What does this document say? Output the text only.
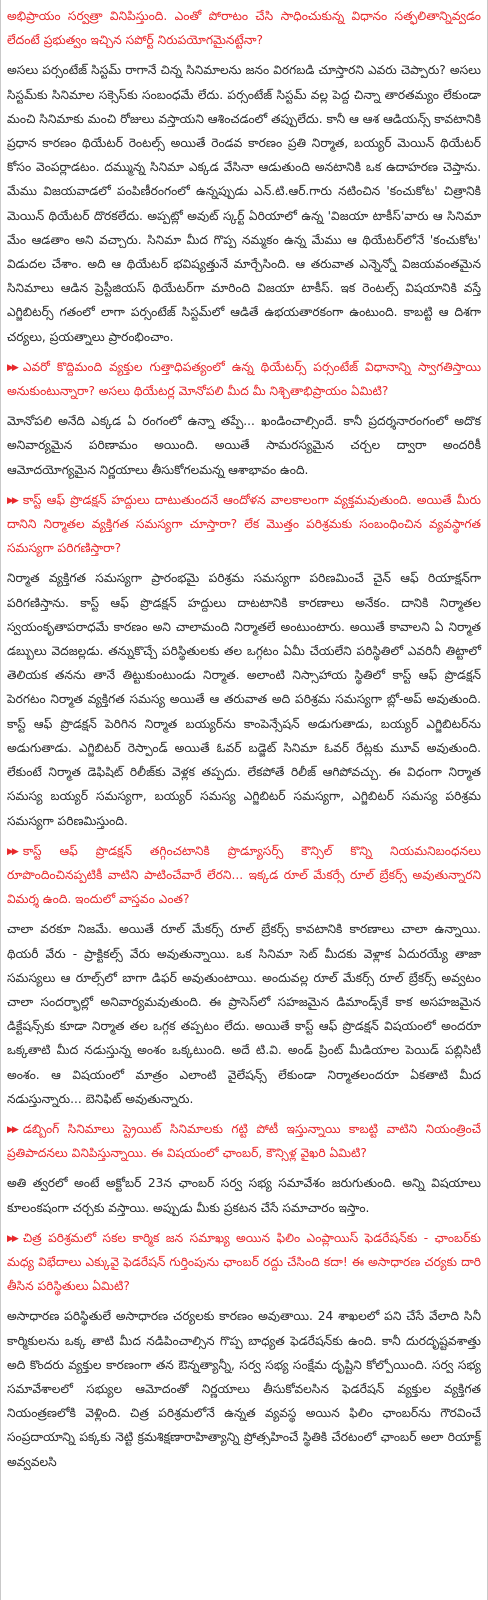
అభిప్రాయం సర్వత్రా వినిపిస్తుంది. ఎంతో పోరాటం చేసి సాధించుకున్న విధానం సత్ఫలితాన్నివ్వడం లేదంటే ప్రభుత్వం ఇచ్చిన సపోర్ట్ నిరుపయోగమైనట్టేనా?
అసలు పర్సంటేజ్ సిస్టమ్ రాగానే చిన్న సినిమాలను జనం విరగబడి చూస్తారని ఎవరు చెప్పారు? అసలు సిస్టమ్‌కు సినిమాల సక్సెస్‌కు సంబంధమే లేదు. పర్సంటేజ్ సిస్టమ్ వల్ల పెద్ద చిన్నా తారతమ్యం లేకుండా మంచి సినిమాకు మంచి రోజులు వస్తాయని ఆశించడంలో తప్పులేదు. కానీ ఆ ఆశ ఆడియన్స్ కావటానికి ప్రధాన కారణం థియేటర్ రెంటల్స్ అయితే రెండవ కారణం ప్రతి నిర్మాత, బయ్యర్ మెయిన్ థియేటర్ కోసం వెంపర్లాడటం. దమ్మున్న సినిమా ఎక్కడ వేసినా ఆడుతుంది అనటానికి ఒక ఉదాహరణ చెప్తాను. మేము విజయవాడలో పంపిణీరంగంలో ఉన్నప్పుడు ఎన్.టి.ఆర్.గారు నటించిన 'కంచుకోట' చిత్రానికి మెయిన్ థియేటర్ దొరకలేదు. అప్పట్లో అవుట్ స్కర్ట్ ఏరియాలో ఉన్న 'విజయా టాకీస్'వారు ఆ సినిమా మేం ఆడతాం అని వచ్చారు. సినిమా మీద గొప్ప నమ్మకం ఉన్న మేము ఆ థియేటర్‌లోనే 'కంచుకోట' విడుదల చేశాం. అది ఆ థియేటర్ భవిష్యత్తునే మార్చేసింది. ఆ తరువాత ఎన్నెన్నో విజయవంతమైన సినిమాలు ఆడిన ప్రెస్టీజియస్ థియేటర్‌గా మారింది విజయా టాకీస్. ఇక రెంటల్స్ విషయానికి వస్తే ఎగ్జిబిటర్స్ గతంలో లాగా పర్సంటేజ్ సిస్టమ్‌లో ఆడితే ఉభయతారకంగా ఉంటుంది. కాబట్టి ఆ దిశగా చర్యలు, ప్రయత్నాలు ప్రారంభించాం.
▶▶ ఎవరో కొద్దిమంది వ్యక్తుల గుత్తాధిపత్యంలో ఉన్న థియేటర్స్ పర్సంటేజ్ విధానాన్ని స్వాగతిస్తాయి అనుకుంటున్నారా? అసలు థియేటర్ల మోనోపలి మీద మీ నిశ్చితాభిప్రాయం ఏమిటి?
మోనోపలి అనేది ఎక్కడ ఏ రంగంలో ఉన్నా తప్పే... ఖండించాల్సిందే. కానీ ప్రదర్శనారంగంలో అదొక అనివార్యమైన పరిణామం అయింది. అయితే సామరస్యమైన చర్చల ద్వారా అందరికీ ఆమోదయోగ్యమైన నిర్ణయాలు తీసుకోగలమన్న ఆశాభావం ఉంది.
▶▶ కాస్ట్ ఆఫ్ ప్రొడక్షన్ హద్దులు దాటుతుందనే ఆందోళన వాలకాలంగా వ్యక్తమవుతుంది. అయితే మీరు దానిని నిర్మాతల వ్యక్తిగత సమస్యగా చూస్తారా? లేక మొత్తం పరిశ్రమకు సంబంధించిన వ్యవస్థాగత సమస్యగా పరిగణిస్తారా?
నిర్మాత వ్యక్తిగత సమస్యగా ప్రారంభమై పరిశ్రమ సమస్యగా పరిణమించే చైన్ ఆఫ్ రియాక్షన్‌గా పరిగణిస్తాను. కాస్ట్ ఆఫ్ ప్రొడక్షన్ హద్దులు దాటటానికి కారణాలు అనేకం. దానికి నిర్మాతల స్వయంకృతాపరాధమే కారణం అని చాలామంది నిర్మాతలే అంటుంటారు. అయితే కావాలని ఏ నిర్మాత డబ్బులు వెదజల్లడు. తన్నుకొచ్చే పరిస్థితులకు తల ఒగ్గటం ఏమీ చేయలేని పరిస్థితిలో ఎవరినీ తిట్టాలో తెలియక తనను తానే తిట్టుకుంటుండు నిర్మాత. అలాంటి నిస్సాహాయ స్థితిలో కాస్ట్ ఆఫ్ ప్రొడక్షన్ పెరగటం నిర్మాత వ్యక్తిగత సమస్య అయితే ఆ తరువాత అది పరిశ్రమ సమస్యగా బ్లో-అప్ అవుతుంది. కాస్ట్ ఆఫ్ ప్రొడక్షన్ పెరిగిన నిర్మాత బయ్యర్‌ను కాంపెన్సేషన్ అడుగుతాడు, బయ్యర్ ఎగ్జిబిటర్‌ను అడుగుతాడు. ఎగ్జిబిటర్ రెస్పాండ్ అయితే ఓవర్ బడ్జెట్ సినిమా ఓవర్ రేట్లకు మూవ్ అవుతుంది. లేకుంటే నిర్మాత డెఫిషిట్ రిలీజ్‌కు వెళ్లక తప్పదు. లేకపోతే రిలీజ్ ఆగిపోవచ్చు. ఈ విధంగా నిర్మాత సమస్య బయ్యర్ సమస్యగా, బయ్యర్ సమస్య ఎగ్జిబిటర్ సమస్యగా, ఎగ్జిబిటర్ సమస్య పరిశ్రమ సమస్యగా పరిణమిస్తుంది.
▶▶ కాస్ట్ ఆఫ్ ప్రొడక్షన్ తగ్గించటానికి ప్రొడ్యూసర్స్ కౌన్సిల్ కొన్ని నియమనిబంధనలు రూపొందించినప్పటికీ వాటిని పాటించేవారే లేరని... ఇక్కడ రూల్ మేకర్సే రూల్ బ్రేకర్స్ అవుతున్నారని విమర్శ ఉంది. ఇందులో వాస్తవం ఎంత?
చాలా వరకూ నిజమే. అయితే రూల్ మేకర్స్ రూల్ బ్రేకర్స్ కావటానికి కారణాలు చాలా ఉన్నాయి. థియరీ వేరు - ప్రాక్టికల్స్ వేరు అవుతున్నాయి. ఒక సినిమా సెట్ మీదకు వెళ్లాక ఏదురయ్యే తాజా సమస్యలు ఆ రూల్స్‌లో బాగా డిఫర్ అవుతుంటాయి. అందువల్ల రూల్ మేకర్స్ రూల్ బ్రేకర్స్ అవ్వటం చాలా సందర్భాల్లో అనివార్యమవుతుంది. ఈ ప్రాసెస్‌లో సహజమైన డిమాండ్స్‌కే కాక అసహజమైన డిక్టేషన్స్‌కు కూడా నిర్మాత తల ఒగ్గక తప్పటం లేదు. అయితే కాస్ట్ ఆఫ్ ప్రొడక్షన్ విషయంలో అందరూ ఒక్కతాటి మీద నడుస్తున్న అంశం ఒక్కటుంది. అదే టి.వి. అండ్ ప్రింట్ మీడియాల పెయిడ్ పబ్లిసిటీ అంశం. ఆ విషయంలో మాత్రం ఎలాంటి వైలేషన్స్ లేకుండా నిర్మాతలందరూ ఏకతాటి మీద నడుస్తున్నారు... బెనిఫిట్ అవుతున్నారు.
▶▶ డబ్బింగ్ సినిమాలు స్ట్రెయిట్ సినిమాలకు గట్టి పోటీ ఇస్తున్నాయి కాబట్టి వాటిని నియంత్రించే ప్రతిపాదనలు వినిపిస్తున్నాయి. ఈ విషయంలో ఛాంబర్, కౌన్సిళ్ల వైఖరి ఏమిటి?
అతి త్వరలో అంటే అక్టోబర్ 23న ఛాంబర్ సర్వ సభ్య సమావేశం జరుగుతుంది. అన్ని విషయాలు కూలంకషంగా చర్చకు వస్తాయి. అప్పుడు మీకు ప్రకటన చేసే సమాచారం ఇస్తాం.
▶▶ చిత్ర పరిశ్రమలో సకల కార్మిక జన సమాఖ్య అయిన ఫిలిం ఎంప్లాయిస్ ఫెడరేషన్‌కు - ఛాంబర్‌కు మధ్య విభేదాలు ఎక్కువై ఫెడరేషన్ గుర్తింపును ఛాంబర్ రద్దు చేసింది కదా! ఈ అసాధారణ చర్యకు దారి తీసిన పరిస్థితులు ఏమిటి?
అసాధారణ పరిస్థితులే అసాధారణ చర్యలకు కారణం అవుతాయి. 24 శాఖలలో పని చేసే వేలాది సినీ కార్మికులను ఒక్క తాటి మీద నడిపించాల్సిన గొప్ప బాధ్యత ఫెడరేషన్‌కు ఉంది. కానీ దురదృష్టవశాత్తు అది కొందరు వ్యక్తుల కారణంగా తన ఔన్నత్యాన్నీ, సర్వ సభ్య సంక్షేమ దృష్టిని కోల్పోయింది. సర్వ సభ్య సమావేశాలలో సభ్యుల ఆమోదంతో నిర్ణయాలు తీసుకోవలసిన ఫెడరేషన్ వ్యక్తుల వ్యక్తిగత నియంత్రణలోకి వెళ్లింది. చిత్ర పరిశ్రమలోనే ఉన్నత వ్యవస్థ అయిన ఫిలిం ఛాంబర్‌ను గౌరవించే సంప్రదాయాన్ని పక్కకు నెట్టి క్రమశిక్షణారాహిత్యాన్ని ప్రోత్సహించే స్థితికి చేరటంలో ఛాంబర్ అలా రియాక్ట్ అవ్వవలసి
